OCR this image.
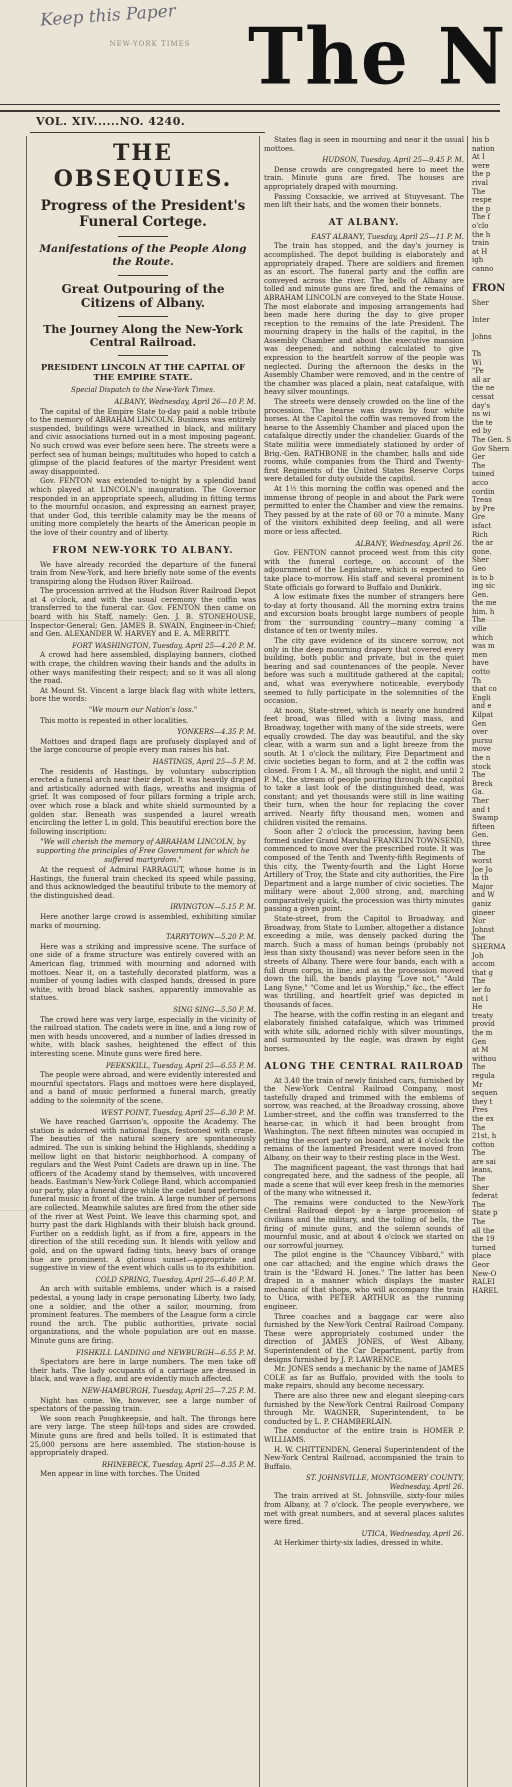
Keep this Paper
NEW-YORK TIMES The N
VOL. XIV......NO. 4240.
THE OBSEQUIES.
Progress of the President's Funeral Cortege.
Manifestations of the People Along the Route.
Great Outpouring of the Citizens of Albany.
The Journey Along the New-York Central Railroad.
PRESIDENT LINCOLN AT THE CAPITAL OF THE EMPIRE STATE.
Special Dispatch to the New-York Times.
ALBANY, Wednesday, April 26—10 P. M.

The capital of the Empire State to-day paid a noble tribute to the memory of ABRAHAM LINCOLN. Business was entirely suspended, buildings were wreathed in black, and military and civic associations turned out in a most imposing pageant. No such crowd was ever before seen here. The streets were a perfect sea of human beings; multitudes who hoped to catch a glimpse of the placid features of the martyr President went away disappointed.

Gov. FENTON was extended to-night by a splendid band which played at LINCOLN's inauguration. The Governor responded in an appropriate speech, alluding in fitting terms to the mournful occasion, and expressing an earnest prayer, that under God, this terrible calamity may be the means of uniting more completely the hearts of the American people in the love of their country and of liberty.

FROM NEW-YORK TO ALBANY.

We have already recorded the departure of the funeral train from New-York, and here briefly note some of the events transpiring along the Hudson River Railroad.

The procession arrived at the Hudson River Railroad Depot at 4 o'clock, and with the usual ceremony the coffin was transferred to the funeral car. Gov. FENTON then came on board with his Staff, namely: Gen. J. B. STONEHOUSE, Inspector-General; Gen. JAMES B. SWAIN, Engineer-in-Chief; and Gen. ALEXANDER W. HARVEY and E. A. MERRITT.

FORT WASHINGTON, Tuesday, April 25—4.20 P. M.

A crowd had here assembled, displaying banners, clothed with crape, the children waving their hands and the adults in other ways manifesting their respect; and so it was all along the road.

At Mount St. Vincent a large black flag with white letters, bore the words:

"We mourn our Nation's loss."

This motto is repeated in other localities.

YONKERS—4.35 P. M.

Mottoes and draped flags are profusely displayed and of the large concourse of people every man raises his hat.

HASTINGS, April 25—5 P. M.

The residents of Hastings, by voluntary subscription erected a funeral arch near their depot. It was heavily draped and artistically adorned with flags, wreaths and insignia of grief. It was composed of four pillars forming a triple arch, over which rose a black and white shield surmounted by a golden star. Beneath was suspended a laurel wreath encircling the letter L in gold. This beautiful erection bore the following inscription:

"We will cherish the memory of ABRAHAM LINCOLN, by supporting the principles of Free Government for which he suffered martyrdom."

At the request of Admiral FARRAGUT, whose home is in Hastings, the funeral train checked its speed while passing, and thus acknowledged the beautiful tribute to the memory of the distinguished dead.

IRVINGTON—5.15 P. M.

Here another large crowd is assembled, exhibiting similar marks of mourning.

TARRYTOWN—5.20 P. M.

Here was a striking and impressive scene. The surface of one side of a frame structure was entirely covered with an American flag, trimmed with mourning and adorned with mottoes. Near it, on a tastefully decorated platform, was a number of young ladies with clasped hands, dressed in pure white, with broad black sashes, apparently immovable as statues.

SING SING—5.50 P. M.

The crowd here was very large, especially in the vicinity of the railroad station. The cadets were in line, and a long row of men with heads uncovered, and a number of ladies dressed in white, with black sashes, heightened the effect of this interesting scene. Minute guns were fired here.

PEEKSKILL, Tuesday, April 25—6.55 P. M.

The people were abroad, and were evidently interested and mournful spectators. Flags and mottoes were here displayed, and a band of music performed a funeral march, greatly adding to the solemnity of the scene.

WEST POINT, Tuesday, April 25—6.30 P. M.

We have reached Garrison's, opposite the Academy. The station is adorned with national flags, festooned with crape. The beauties of the natural scenery are spontaneously admired. The sun is sinking behind the Highlands, shedding a mellow light on that historic neighborhood. A company of regulars and the West Point Cadets are drawn up in line. The officers of the Academy stand by themselves, with uncovered heads. Eastman's New-York College Band, which accompanied our party, play a funeral dirge while the cadet band performed funeral music in front of the train. A large number of persons are collected. Meanwhile salutes are fired from the other side of the river at West Point. We leave this charming spot, and hurry past the dark Highlands with their bluish back ground. Further on a reddish light, as if from a fire, appears in the direction of the still receding sun. It blends with yellow and gold, and on the upward fading tints, heavy bars of orange hue are prominent. A glorious sunset—appropriate and suggestive in view of the event which calls us to its exhibition.

COLD SPRING, Tuesday, April 25—6.40 P. M.

An arch with suitable emblems, under which is a raised pedestal, a young lady in crape personating Liberty, two lady, one a soldier, and the other a sailor, mourning, from prominent features. The members of the League form a circle round the arch. The public authorities, private social organizations, and the whole population are out en masse. Minute guns are firing.

FISHKILL LANDING and NEWBURGH—6.55 P. M.

Spectators are here in large numbers. The men take off their hats. The lady occupants of a carriage are dressed in black, and wave a flag, and are evidently much affected.

NEW-HAMBURGH, Tuesday, April 25—7.25 P. M.

Night has come. We, however, see a large number of spectators of the passing train.

We soon reach Poughkeepsie, and halt. The throngs here are very large. The steep hill-tops and sides are crowded. Minute guns are fired and bells tolled. It is estimated that 25,000 persons are here assembled. The station-house is appropriately draped.

RHINEBECK, Tuesday, April 25—8.35 P. M.

Men appear in line with torches. The United

States flag is seen in mourning and near it the usual mottoes.

HUDSON, Tuesday, April 25—9.45 P. M.

Dense crowds are congregated here to meet the train. Minute guns are fired. The houses are appropriately draped with mourning.

Passing Coxsackie, we arrived at Stuyvesant. The men lift their hats, and the women their bonnets.

AT ALBANY.
EAST ALBANY, Tuesday, April 25—11 P. M.

The train has stopped, and the day's journey is accomplished. The depot building is elaborately and appropriately draped. There are soldiers and firemen as an escort. The funeral party and the coffin are conveyed across the river. The bells of Albany are tolled and minute guns are fired, and the remains of ABRAHAM LINCOLN are conveyed to the State House. The most elaborate and imposing arrangements had been made here during the day to give proper reception to the remains of the late President. The mourning drapery in the halls of the capitol, in the Assembly Chamber and about the executive mansion was deepened; and nothing calculated to give expression to the heartfelt sorrow of the people was neglected. During the afternoon the desks in the Assembly Chamber were removed, and in the centre of the chamber was placed a plain, neat catafalque, with heavy silver mountings.

The streets were densely crowded on the line of the procession. The hearse was drawn by four white horses. At the Capitol the coffin was removed from the hearse to the Assembly Chamber and placed upon the catafalque directly under the chandelier. Guards of the State militia were immediately stationed by order of Brig.-Gen. RATHBONE in the chamber, halls and side rooms, while companies from the Third and Twenty-first Regiments of the United States Reserve Corps were detailed for duty outside the capitol.

At 1½ this morning the coffin was opened and the immense throng of people in and about the Park were permitted to enter the Chamber and view the remains. They passed by at the rate of 60 or 70 a minute. Many of the visitors exhibited deep feeling, and all were more or less affected.

ALBANY, Wednesday, April 26.

Gov. FENTON cannot proceed west from this city with the funeral cortege, on account of the adjournment of the Legislature, which is expected to take place to-morrow. His staff and several prominent State officials go forward to Buffalo and Dunkirk.

A low estimate fixes the number of strangers here to-day at forty thousand. All the morning extra trains and excursion boats brought large numbers of people from the surrounding country—many coming a distance of ten or twenty miles.

The city gave evidence of its sincere sorrow, not only in the deep mourning drapery that covered every building, both public and private, but in the quiet bearing and sad countenances of the people. Never before was such a multitude gathered at the capital; and, what was everywhere noticeable, everybody seemed to fully participate in the solemnities of the occasion.

At noon, State-street, which is nearly one hundred feet broad, was filled with a living mass, and Broadway, together with many of the side streets, were equally crowded. The day was beautiful, and the sky clear, with a warm sun and a light breeze from the south. At 1 o'clock the military, Fire Department and civic societies began to form, and at 2 the coffin was closed. From 1 A. M., all through the night, and until 2 P. M., the stream of people pouring through the capitol to take a last look of the distinguished dead, was constant; and yet thousands were still in line waiting their turn, when the hour for replacing the cover arrived. Nearly fifty thousand men, women and children visited the remains.

Soon after 2 o'clock the procession, having been formed under Grand Marshal FRANKLIN TOWNSEND, commenced to move over the prescribed route. It was composed of the Tenth and Twenty-fifth Regiments of this city, the Twenty-fourth and the Light Horse Artillery of Troy, the State and city authorities, the Fire Department and a large number of civic societies. The military were about 2,000 strong, and, marching comparatively quick, the procession was thirty minutes passing a given point.

State-street, from the Capitol to Broadway, and Broadway, from State to Lumber, altogether a distance exceeding a mile, was densely packed during the march. Such a mass of human beings (probably not less than sixty thousand) was never before seen in the streets of Albany. There were four bands, each with a full drum corps, in line; and as the procession moved down the hill, the bands playing "Love not," "Auld Lang Syne," "Come and let us Worship," &c., the effect was thrilling, and heartfelt grief was depicted in thousands of faces.

The hearse, with the coffin resting in an elegant and elaborately finished catafalque, which was trimmed with white silk, adorned richly with silver mountings, and surmounted by the eagle, was drawn by eight horses.

ALONG THE CENTRAL RAILROAD

At 3.40 the train of newly finished cars, furnished by the New-York Central Railroad Company, most tastefully draped and trimmed with the emblems of sorrow, was reached, at the Broadway crossing, above Lumber-street, and the coffin was transferred to the hearse-car, in which it had been brought from Washington. The next fifteen minutes was occupied in getting the escort party on board, and at 4 o'clock the remains of the lamented President were moved from Albany, on their way to their resting place in the West.

The magnificent pageant, the vast throngs that had congregated here, and the sadness of the people, all made a scene that will ever keep fresh in the memories of the many who witnessed it.

The remains were conducted to the New-York Central Railroad depot by a large procession of civilians and the military, and the tolling of bells, the firing of minute guns, and the solemn sounds of mournful music, and at about 4 o'clock we started on our sorrowful journey.

The pilot engine is the "Chauncey Vibbard," with one car attached; and the engine which draws the train is the "Edward H. Jones." The latter has been draped in a manner which displays the master mechanic of that shops, who will accompany the train to Utica, with PETER ARTHUR as the running engineer.

Three coaches and a baggage car were also furnished by the New-York Central Railroad Company. These were appropriately costumed under the direction of JAMES JONES, of West Albany, Superintendent of the Car Department, partly from designs furnished by J. P. LAWRENCE.

Mr. JONES sends a mechanic by the name of JAMES COLE as far as Buffalo, provided with the tools to make repairs, should any become necessary.

There are also three new and elegant sleeping-cars furnished by the New-York Central Railroad Company through Mr. WAGNER, Superintendent, to be conducted by L. P. CHAMBERLAIN.

The conductor of the entire train is HOMER P. WILLIAMS.

H. W. CHITTENDEN, General Superintendent of the New-York Central Railroad, accompanied the train to Buffalo.

ST. JOHNSVILLE, MONTGOMERY COUNTY, Wednesday, April 26.

The train arrived at St. Johnsville, sixty-four miles from Albany, at 7 o'clock. The people everywhere, we met with great numbers, and at several places salutes were fired.

UTICA, Wednesday, April 26.

At Herkimer thirty-six ladies, dressed in white.

his b
nation
At I
were
the p
rival
The
respe
the p
The f
o'clo
the h
train
at H
igh
canno
FRON
Sher

Inter

Johns

Th
Wi
"Pe
all ar
the ne
cessat
day's
ns wi
the te
ed by
The Gen. S
Gov Shern
Ger
The
tained
acco
cordin
Treas
by Pre
Gre
isfact
Rich
the ar
gone,
Sher
Geo
is to b
ing sic
Gen.
the me
him, h
The
ville
which
was m
men
have
cotto
Th
that co
Engli
and e
Kilpat
Gen
over
pursu
move
the n
stock
The
Breck
Ga.
Ther
and t
Swamp
fifteen
Gen.
three
The
worst
Joe Jo
In th
Major
and W
ganiz
gineer
Nor
Johnst
The
SHERMA
Joh
accom
that g
The
ler fo
not l
He
treaty
provid
the m
Gen
at M
withou
The
regula
Mr
sequen
they t
Pres
the ex
The
21st, h
cotton
The
are sai
leans,
The
Sher
federat
The
State p
The
all the
the 19
turned
place
Geor
New-O
RALEI
HAREL
